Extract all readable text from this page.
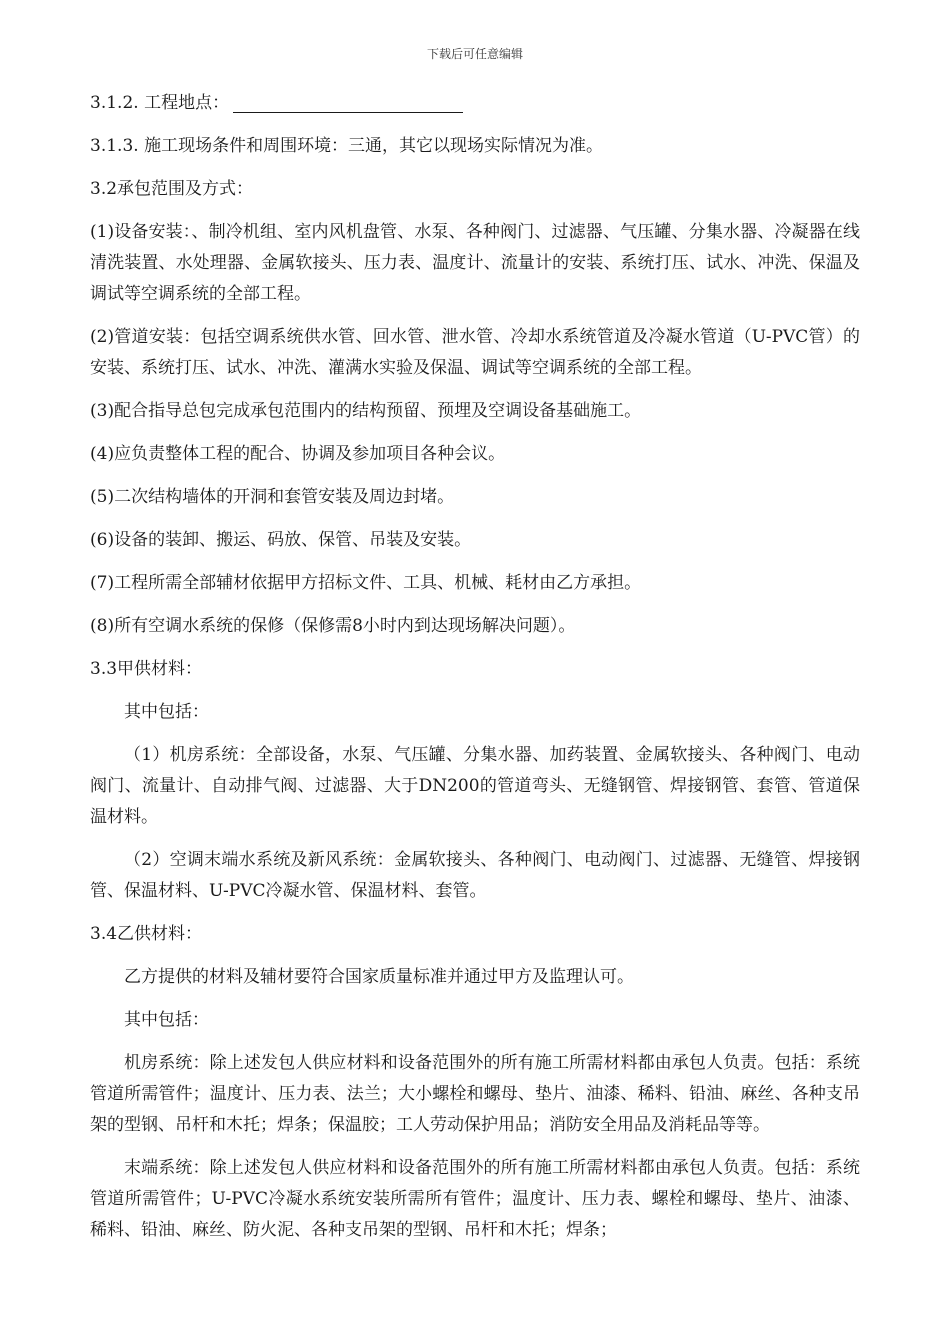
下载后可任意编辑

3.1.2. 工程地点：

3.1.3. 施工现场条件和周围环境：三通，其它以现场实际情况为准。

3.2承包范围及方式：

(1)设备安装：、制冷机组、室内风机盘管、水泵、各种阀门、过滤器、气压罐、分集水器、冷凝器在线清洗装置、水处理器、金属软接头、压力表、温度计、流量计的安装、系统打压、试水、冲洗、保温及调试等空调系统的全部工程。

(2)管道安装：包括空调系统供水管、回水管、泄水管、冷却水系统管道及冷凝水管道（U-PVC管）的安装、系统打压、试水、冲洗、灌满水实验及保温、调试等空调系统的全部工程。

(3)配合指导总包完成承包范围内的结构预留、预埋及空调设备基础施工。

(4)应负责整体工程的配合、协调及参加项目各种会议。

(5)二次结构墙体的开洞和套管安装及周边封堵。

(6)设备的装卸、搬运、码放、保管、吊装及安装。

(7)工程所需全部辅材依据甲方招标文件、工具、机械、耗材由乙方承担。

(8)所有空调水系统的保修（保修需8小时内到达现场解决问题）。

3.3甲供材料：

其中包括：

（1）机房系统：全部设备，水泵、气压罐、分集水器、加药装置、金属软接头、各种阀门、电动阀门、流量计、自动排气阀、过滤器、大于DN200的管道弯头、无缝钢管、焊接钢管、套管、管道保温材料。

（2）空调末端水系统及新风系统：金属软接头、各种阀门、电动阀门、过滤器、无缝管、焊接钢管、保温材料、U-PVC冷凝水管、保温材料、套管。

3.4乙供材料：

乙方提供的材料及辅材要符合国家质量标准并通过甲方及监理认可。

其中包括：

机房系统：除上述发包人供应材料和设备范围外的所有施工所需材料都由承包人负责。包括：系统管道所需管件；温度计、压力表、法兰；大小螺栓和螺母、垫片、油漆、稀料、铅油、麻丝、各种支吊架的型钢、吊杆和木托；焊条；保温胶；工人劳动保护用品；消防安全用品及消耗品等等。

末端系统：除上述发包人供应材料和设备范围外的所有施工所需材料都由承包人负责。包括：系统管道所需管件；U-PVC冷凝水系统安装所需所有管件；温度计、压力表、螺栓和螺母、垫片、油漆、稀料、铅油、麻丝、防火泥、各种支吊架的型钢、吊杆和木托；焊条；
